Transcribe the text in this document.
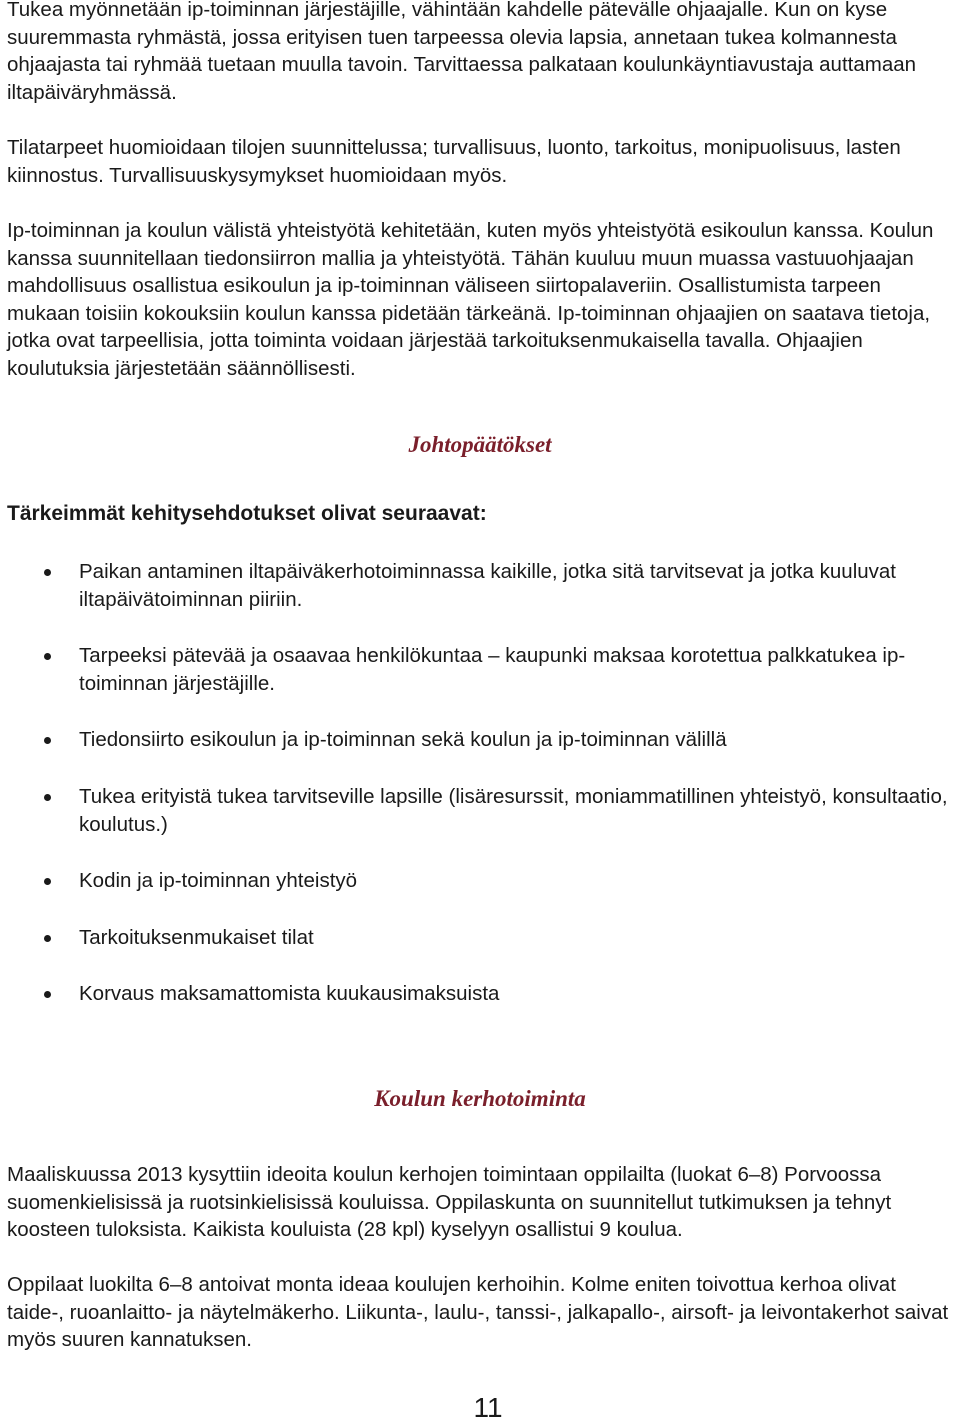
Tukea myönnetään ip-toiminnan järjestäjille, vähintään kahdelle pätevälle ohjaajalle. Kun on kyse suuremmasta ryhmästä, jossa erityisen tuen tarpeessa olevia lapsia, annetaan tukea kolmannesta ohjaajasta tai ryhmää tuetaan muulla tavoin. Tarvittaessa palkataan koulunkäyntiavustaja auttamaan iltapäiväryhmässä.

Tilatarpeet huomioidaan tilojen suunnittelussa; turvallisuus, luonto, tarkoitus, monipuolisuus, lasten kiinnostus. Turvallisuuskysymykset huomioidaan myös.

Ip-toiminnan ja koulun välistä yhteistyötä kehitetään, kuten myös yhteistyötä esikoulun kanssa. Koulun kanssa suunnitellaan tiedonsiirron mallia ja yhteistyötä. Tähän kuuluu muun muassa vastuuohjaajan mahdollisuus osallistua esikoulun ja ip-toiminnan väliseen siirtopalaveriin. Osallistumista tarpeen mukaan toisiin kokouksiin koulun kanssa pidetään tärkeänä. Ip-toiminnan ohjaajien on saatava tietoja, jotka ovat tarpeellisia, jotta toiminta voidaan järjestää tarkoituksenmukaisella tavalla. Ohjaajien koulutuksia järjestetään säännöllisesti.

Johtopäätökset
Tärkeimmät kehitysehdotukset olivat seuraavat:
Paikan antaminen iltapäiväkerhotoiminnassa kaikille, jotka sitä tarvitsevat ja jotka kuuluvat iltapäivätoiminnan piiriin.
Tarpeeksi pätevää ja osaavaa henkilökuntaa – kaupunki maksaa korotettua palkkatukea ip-toiminnan järjestäjille.
Tiedonsiirto esikoulun ja ip-toiminnan sekä koulun ja ip-toiminnan välillä
Tukea erityistä tukea tarvitseville lapsille (lisäresurssit, moniammatillinen yhteistyö, konsultaatio, koulutus.)
Kodin ja ip-toiminnan yhteistyö
Tarkoituksenmukaiset tilat
Korvaus maksamattomista kuukausimaksuista
Koulun kerhotoiminta

Maaliskuussa 2013 kysyttiin ideoita koulun kerhojen toimintaan oppilailta (luokat 6–8) Porvoossa suomenkielisissä ja ruotsinkielisissä kouluissa. Oppilaskunta on suunnitellut tutkimuksen ja tehnyt koosteen tuloksista. Kaikista kouluista (28 kpl) kyselyyn osallistui 9 koulua.

Oppilaat luokilta 6–8 antoivat monta ideaa koulujen kerhoihin. Kolme eniten toivottua kerhoa olivat taide-, ruoanlaitto- ja näytelmäkerho. Liikunta-, laulu-, tanssi-, jalkapallo-, airsoft- ja leivontakerhot saivat myös suuren kannatuksen.

11
